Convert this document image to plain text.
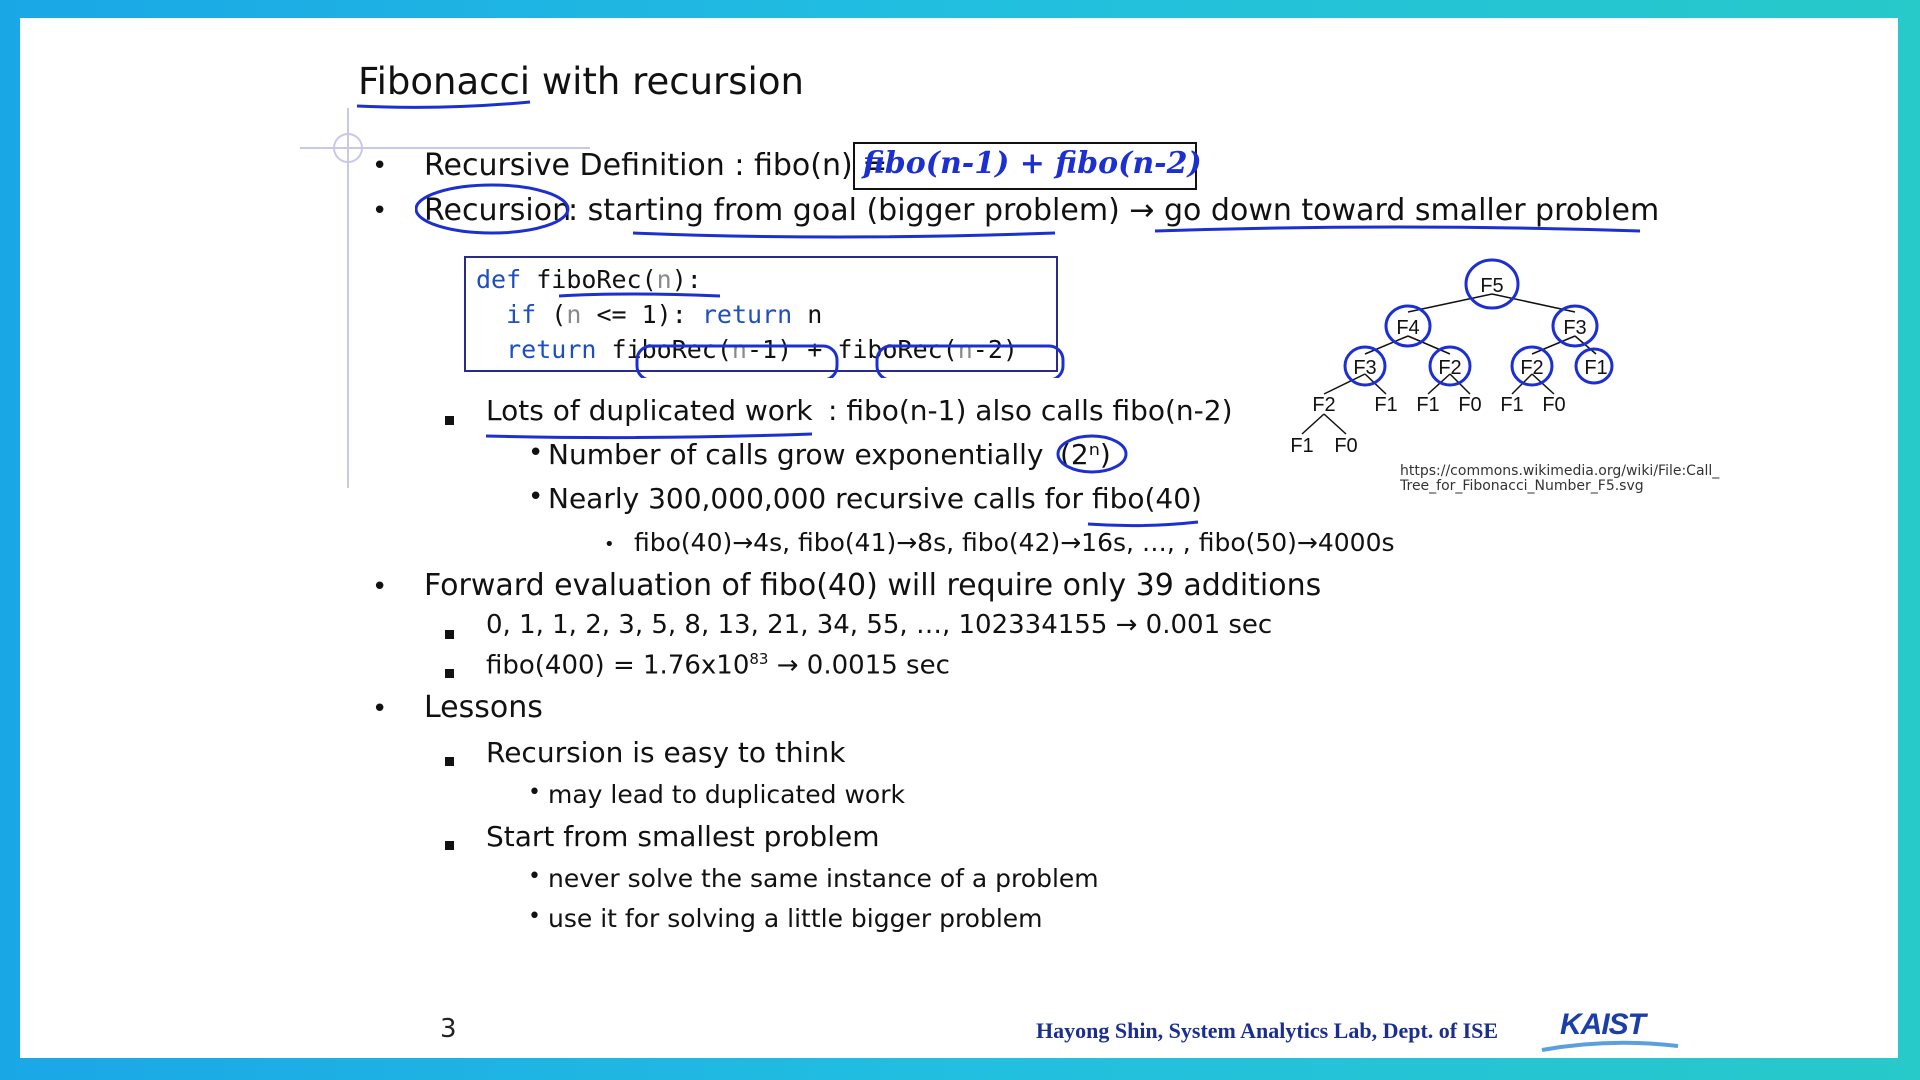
Fibonacci with recursion
• Recursive Definition : fibo(n) =
fibo(n-1) + fibo(n-2)
• Recursion
: starting from goal (bigger problem) → go down toward smaller problem
def fiboRec(n):
if (n <= 1): return n
return fiboRec(n-1) + fiboRec(n-2)
Lots of duplicated work : fibo(n-1) also calls fibo(n-2)
• Number of calls grow exponentially (2ⁿ)
• Nearly 300,000,000 recursive calls for fibo(40)
• fibo(40)→4s, fibo(41)→8s, fibo(42)→16s, …, , fibo(50)→4000s
• Forward evaluation of fibo(40) will require only 39 additions
0, 1, 1, 2, 3, 5, 8, 13, 21, 34, 55, …, 102334155 → 0.001 sec
fibo(400) = $1.76x10^{83} \to 0.0015$ sec
• Lessons
Recursion is easy to think
• may lead to duplicated work
Start from smallest problem
• never solve the same instance of a problem
• use it for solving a little bigger problem
F5
F4	F3
F3	F2	F2 F1
F2 F1 F1 F0 F1 F0
F1 F0
https://commons.wikimedia.org/wiki/File:Call_
Tree_for_Fibonacci_Number_F5.svg
3	Hayong Shin, System Analytics Lab, Dept. of ISE KAIST
